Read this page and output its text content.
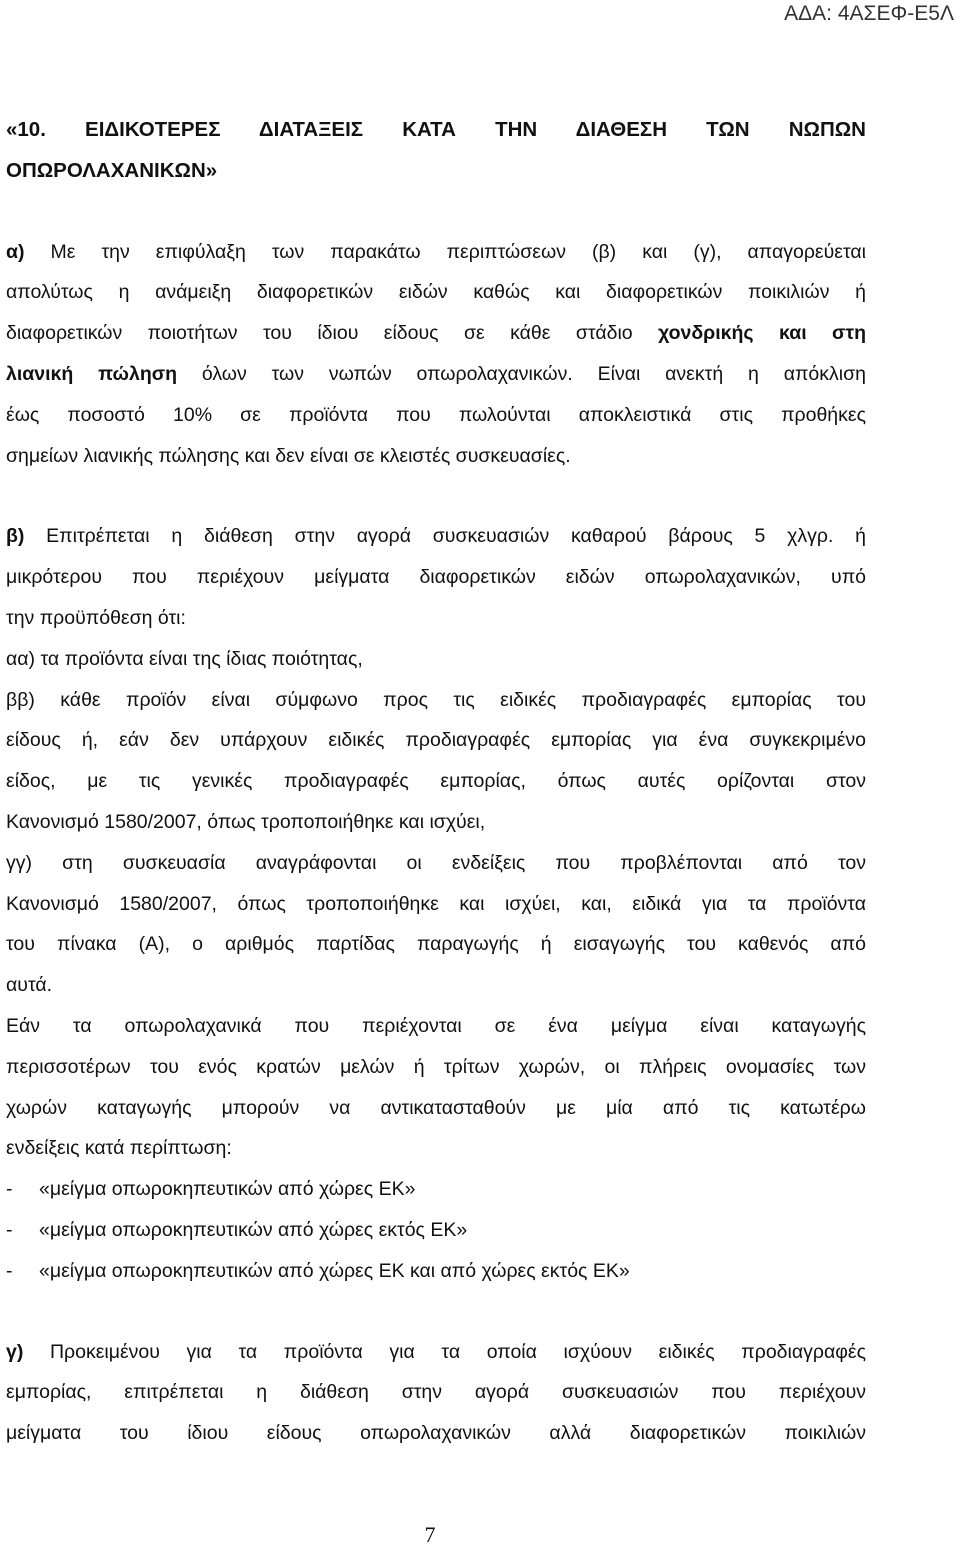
ΑΔΑ: 4ΑΣΕΦ-Ε5Λ
«10. ΕΙΔΙΚΟΤΕΡΕΣ ΔΙΑΤΑΞΕΙΣ ΚΑΤΑ ΤΗΝ ΔΙΑΘΕΣΗ ΤΩΝ ΝΩΠΩΝ
ΟΠΩΡΟΛΑΧΑΝΙΚΩΝ»
α) Με την επιφύλαξη των παρακάτω περιπτώσεων (β) και (γ), απαγορεύεται
απολύτως η ανάμειξη διαφορετικών ειδών καθώς και διαφορετικών ποικιλιών ή
διαφορετικών ποιοτήτων του ίδιου είδους σε κάθε στάδιο χονδρικής και στη
λιανική πώληση όλων των νωπών οπωρολαχανικών. Είναι ανεκτή η απόκλιση
έως ποσοστό 10% σε προϊόντα που πωλούνται αποκλειστικά στις προθήκες
σημείων λιανικής πώλησης και δεν είναι σε κλειστές συσκευασίες.
β) Επιτρέπεται η διάθεση στην αγορά συσκευασιών καθαρού βάρους 5 χλγρ. ή
μικρότερου που περιέχουν μείγματα διαφορετικών ειδών οπωρολαχανικών, υπό
την προϋπόθεση ότι:
αα) τα προϊόντα είναι της ίδιας ποιότητας,
ββ) κάθε προϊόν είναι σύμφωνο προς τις ειδικές προδιαγραφές εμπορίας του
είδους ή, εάν δεν υπάρχουν ειδικές προδιαγραφές εμπορίας για ένα συγκεκριμένο
είδος, με τις γενικές προδιαγραφές εμπορίας, όπως αυτές ορίζονται στον
Κανονισμό 1580/2007, όπως τροποποιήθηκε και ισχύει,
γγ) στη συσκευασία αναγράφονται οι ενδείξεις που προβλέπονται από τον
Κανονισμό 1580/2007, όπως τροποποιήθηκε και ισχύει, και, ειδικά για τα προϊόντα
του πίνακα (Α), ο αριθμός παρτίδας παραγωγής ή εισαγωγής του καθενός από
αυτά.
Εάν τα οπωρολαχανικά που περιέχονται σε ένα μείγμα είναι καταγωγής
περισσοτέρων του ενός κρατών μελών ή τρίτων χωρών, οι πλήρεις ονομασίες των
χωρών καταγωγής μπορούν να αντικατασταθούν με μία από τις κατωτέρω
ενδείξεις κατά περίπτωση:
- «μείγμα οπωροκηπευτικών από χώρες ΕΚ»
- «μείγμα οπωροκηπευτικών από χώρες εκτός ΕΚ»
- «μείγμα οπωροκηπευτικών από χώρες ΕΚ και από χώρες εκτός ΕΚ»
γ) Προκειμένου για τα προϊόντα για τα οποία ισχύουν ειδικές προδιαγραφές
εμπορίας, επιτρέπεται η διάθεση στην αγορά συσκευασιών που περιέχουν
μείγματα του ίδιου είδους οπωρολαχανικών αλλά διαφορετικών ποικιλιών
7
